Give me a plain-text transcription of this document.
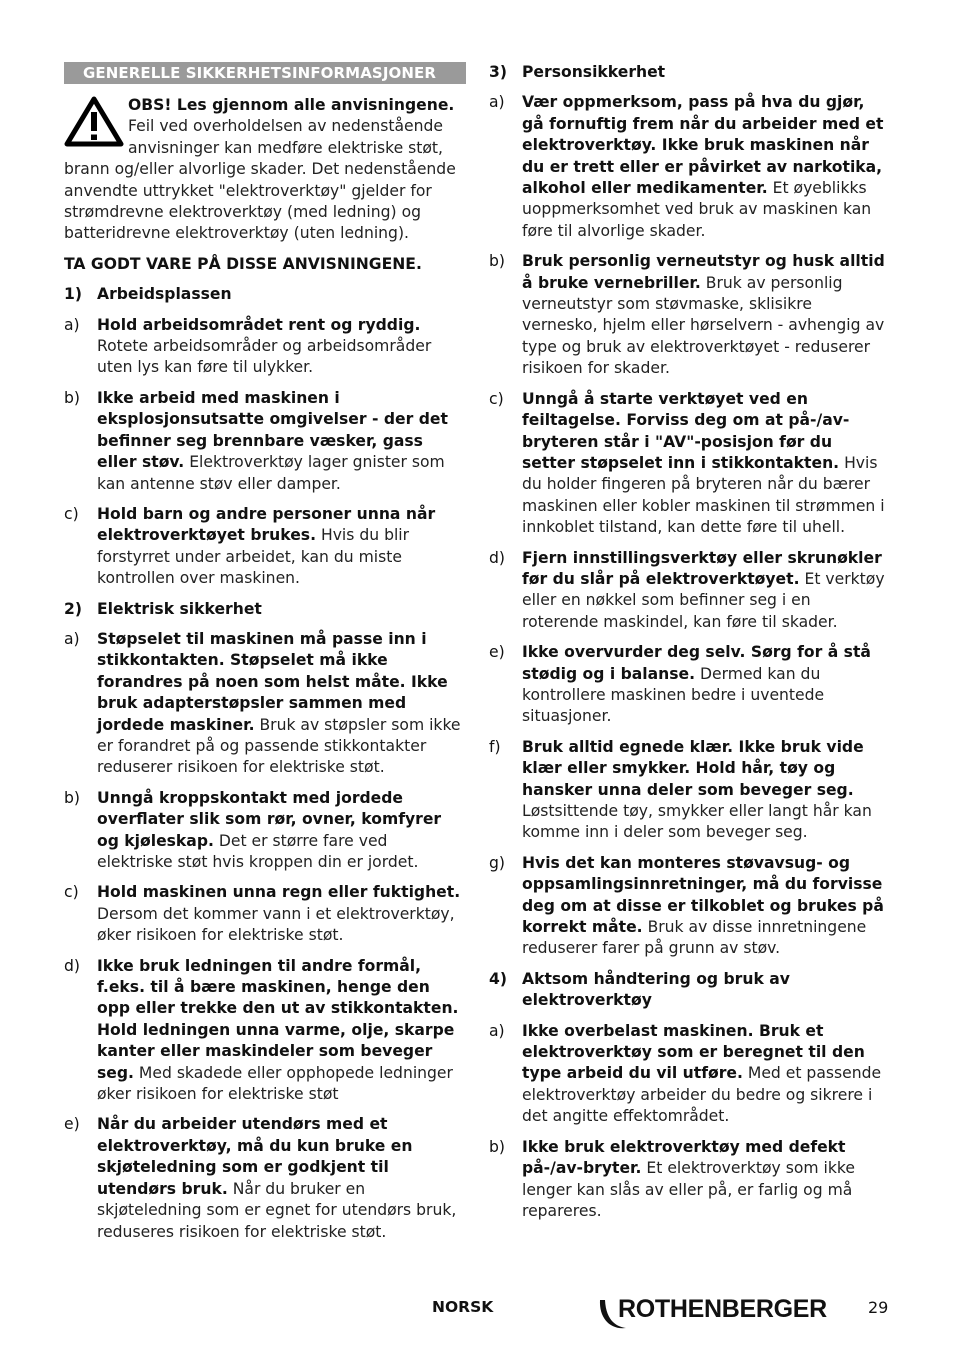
GENERELLE SIKKERHETSINFORMASJONER
OBS! Les gjennom alle anvisningene. Feil ved overholdelsen av nedenstående anvisninger kan medføre elektriske støt, brann og/eller alvorlige skader. Det nedenstående anvendte uttrykket "elektroverktøy" gjelder for strømdrevne elektroverktøy (med ledning) og batteridrevne elektroverktøy (uten ledning).
TA GODT VARE PÅ DISSE ANVISNINGENE.
1) Arbeidsplassen
a)	Hold arbeidsområdet rent og ryddig. Rotete arbeidsområder og arbeidsområder uten lys kan føre til ulykker.
b)	Ikke arbeid med maskinen i eksplosjonsutsatte omgivelser - der det befinner seg brennbare væsker, gass eller støv. Elektroverktøy lager gnister som kan antenne støv eller damper.
c)	Hold barn og andre personer unna når elektroverktøyet brukes. Hvis du blir forstyrret under arbeidet, kan du miste kontrollen over maskinen.
2) Elektrisk sikkerhet
a)	Støpselet til maskinen må passe inn i stikkontakten. Støpselet må ikke forandres på noen som helst måte. Ikke bruk adapterstøpsler sammen med jordede maskiner. Bruk av støpsler som ikke er forandret på og passende stikkontakter reduserer risikoen for elektriske støt.
b)	Unngå kroppskontakt med jordede overflater slik som rør, ovner, komfyrer og kjøleskap. Det er større fare ved elektriske støt hvis kroppen din er jordet.
c)	Hold maskinen unna regn eller fuktighet. Dersom det kommer vann i et elektroverktøy, øker risikoen for elektriske støt.
d)	Ikke bruk ledningen til andre formål, f.eks. til å bære maskinen, henge den opp eller trekke den ut av stikkontakten. Hold ledningen unna varme, olje, skarpe kanter eller maskindeler som beveger seg. Med skadede eller opphopede ledninger øker risikoen for elektriske støt
e)	Når du arbeider utendørs med et elektroverktøy, må du kun bruke en skjøteledning som er godkjent til utendørs bruk. Når du bruker en skjøteledning som er egnet for utendørs bruk, reduseres risikoen for elektriske støt.
3) Personsikkerhet
a)	Vær oppmerksom, pass på hva du gjør, gå fornuftig frem når du arbeider med et elektroverktøy. Ikke bruk maskinen når du er trett eller er påvirket av narkotika, alkohol eller medikamenter. Et øyeblikks uoppmerksomhet ved bruk av maskinen kan føre til alvorlige skader.
b)	Bruk personlig verneutstyr og husk alltid å bruke vernebriller. Bruk av personlig verneutstyr som støvmaske, sklisikre vernesko, hjelm eller hørselvern - avhengig av type og bruk av elektroverktøyet - reduserer risikoen for skader.
c)	Unngå å starte verktøyet ved en feiltagelse. Forviss deg om at på-/av-bryteren står i "AV"-posisjon før du setter støpselet inn i stikkontakten. Hvis du holder fingeren på bryteren når du bærer maskinen eller kobler maskinen til strømmen i innkoblet tilstand, kan dette føre til uhell.
d)	Fjern innstillingsverktøy eller skrunøkler før du slår på elektroverktøyet. Et verktøy eller en nøkkel som befinner seg i en roterende maskindel, kan føre til skader.
e)	Ikke overvurder deg selv. Sørg for å stå stødig og i balanse. Dermed kan du kontrollere maskinen bedre i uventede situasjoner.
f)	Bruk alltid egnede klær. Ikke bruk vide klær eller smykker. Hold hår, tøy og hansker unna deler som beveger seg. Løstsittende tøy, smykker eller langt hår kan komme inn i deler som beveger seg.
g)	Hvis det kan monteres støvavsug- og oppsamlingsinnretninger, må du forvisse deg om at disse er tilkoblet og brukes på korrekt måte. Bruk av disse innretningene reduserer farer på grunn av støv.
4) Aktsom håndtering og bruk av elektroverktøy
a)	Ikke overbelast maskinen. Bruk et elektroverktøy som er beregnet til den type arbeid du vil utføre. Med et passende elektroverktøy arbeider du bedre og sikrere i det angitte effektområdet.
b)	Ikke bruk elektroverktøy med defekt på-/av-bryter. Et elektroverktøy som ikke lenger kan slås av eller på, er farlig og må repareres.
NORSK	ROTHENBERGER	29
